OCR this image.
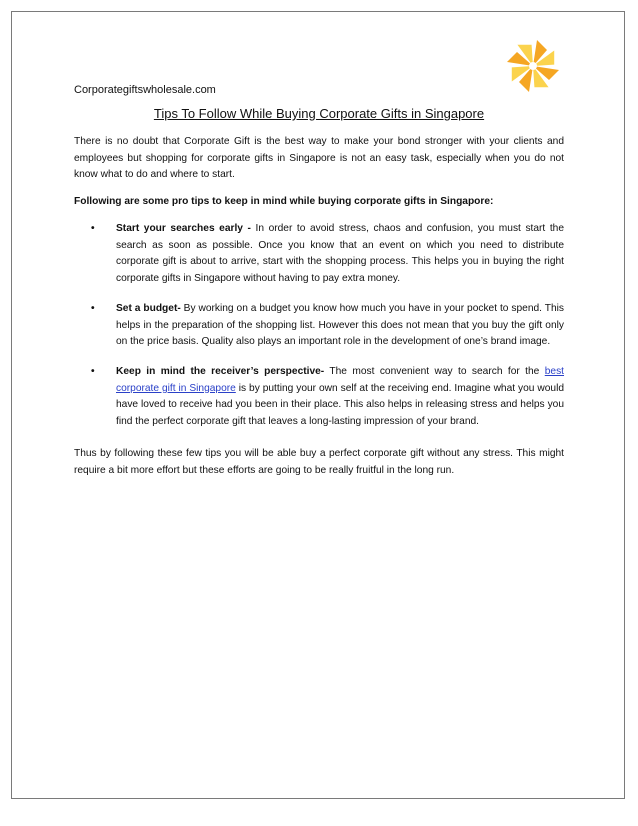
Corporategiftswholesale.com
Tips To Follow While Buying Corporate Gifts in Singapore
There is no doubt that Corporate Gift is the best way to make your bond stronger with your clients and employees but shopping for corporate gifts in Singapore is not an easy task, especially when you do not know what to do and where to start.
Following are some pro tips to keep in mind while buying corporate gifts in Singapore:
• Start your searches early - In order to avoid stress, chaos and confusion, you must start the search as soon as possible. Once you know that an event on which you need to distribute corporate gift is about to arrive, start with the shopping process. This helps you in buying the right corporate gifts in Singapore without having to pay extra money.
• Set a budget- By working on a budget you know how much you have in your pocket to spend. This helps in the preparation of the shopping list. However this does not mean that you buy the gift only on the price basis. Quality also plays an important role in the development of one’s brand image.
• Keep in mind the receiver’s perspective- The most convenient way to search for the best corporate gift in Singapore is by putting your own self at the receiving end. Imagine what you would have loved to receive had you been in their place. This also helps in releasing stress and helps you find the perfect corporate gift that leaves a long-lasting impression of your brand.
Thus by following these few tips you will be able buy a perfect corporate gift without any stress. This might require a bit more effort but these efforts are going to be really fruitful in the long run.
